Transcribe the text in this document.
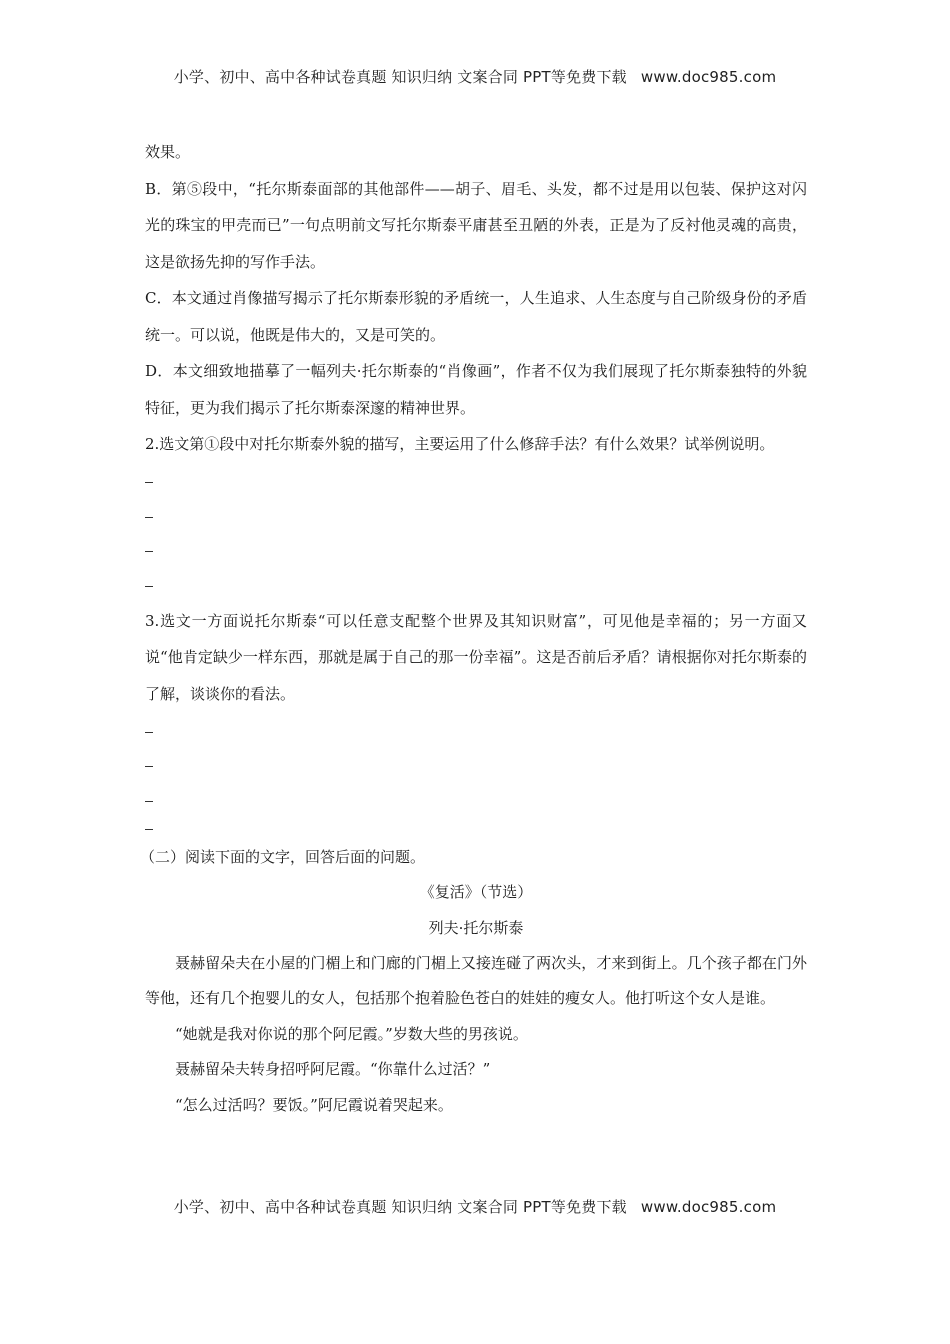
小学、初中、高中各种试卷真题 知识归纳 文案合同 PPT等免费下载 www.doc985.com

效果。

B．第⑤段中，“托尔斯泰面部的其他部件——胡子、眉毛、头发，都不过是用以包装、保护这对闪光的珠宝的甲壳而已”一句点明前文写托尔斯泰平庸甚至丑陋的外表，正是为了反衬他灵魂的高贵，这是欲扬先抑的写作手法。

C．本文通过肖像描写揭示了托尔斯泰形貌的矛盾统一，人生追求、人生态度与自己阶级身份的矛盾统一。可以说，他既是伟大的，又是可笑的。

D．本文细致地描摹了一幅列夫·托尔斯泰的“肖像画”，作者不仅为我们展现了托尔斯泰独特的外貌特征，更为我们揭示了托尔斯泰深邃的精神世界。

2.选文第①段中对托尔斯泰外貌的描写，主要运用了什么修辞手法？有什么效果？试举例说明。

3.选文一方面说托尔斯泰“可以任意支配整个世界及其知识财富”，可见他是幸福的；另一方面又说“他肯定缺少一样东西，那就是属于自己的那一份幸福”。这是否前后矛盾？请根据你对托尔斯泰的了解，谈谈你的看法。

（二）阅读下面的文字，回答后面的问题。

《复活》（节选）

列夫·托尔斯泰

聂赫留朵夫在小屋的门楣上和门廊的门楣上又接连碰了两次头，才来到街上。几个孩子都在门外等他，还有几个抱婴儿的女人，包括那个抱着脸色苍白的娃娃的瘦女人。他打听这个女人是谁。

“她就是我对你说的那个阿尼霞。”岁数大些的男孩说。

聂赫留朵夫转身招呼阿尼霞。“你靠什么过活？”

“怎么过活吗？要饭。”阿尼霞说着哭起来。

小学、初中、高中各种试卷真题 知识归纳 文案合同 PPT等免费下载 www.doc985.com
